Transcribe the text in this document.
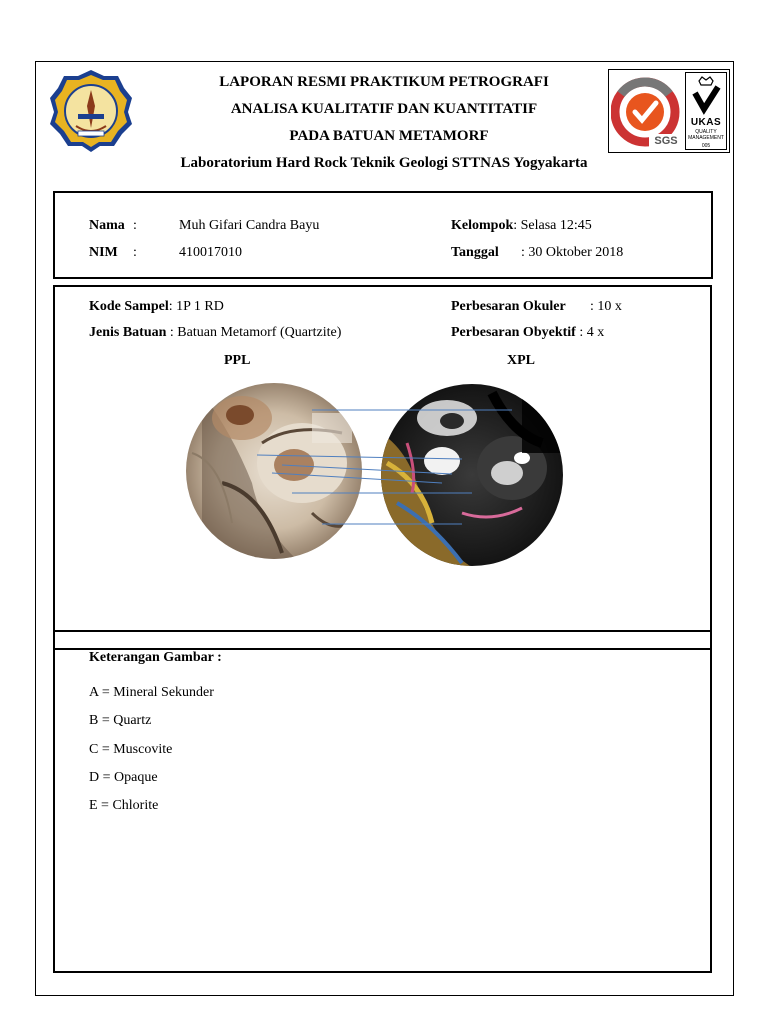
LAPORAN RESMI PRAKTIKUM PETROGRAFI
ANALISA KUALITATIF DAN KUANTITATIF
PADA BATUAN METAMORF
Laboratorium Hard Rock Teknik Geologi STTNAS Yogyakarta
SGS
UKAS
QUALITY
MANAGEMENT
005
Nama :	Muh Gifari Candra Bayu
NIM :	410017010
Kelompok: Selasa 12:45
Tanggal : 30 Oktober 2018
Kode Sampel: 1P 1 RD
Jenis Batuan : Batuan Metamorf (Quartzite)
Perbesaran Okuler : 10 x
Perbesaran Obyektif : 4 x
PPL	XPL
Keterangan Gambar :
A = Mineral Sekunder
B = Quartz
C = Muscovite
D = Opaque
E = Chlorite
